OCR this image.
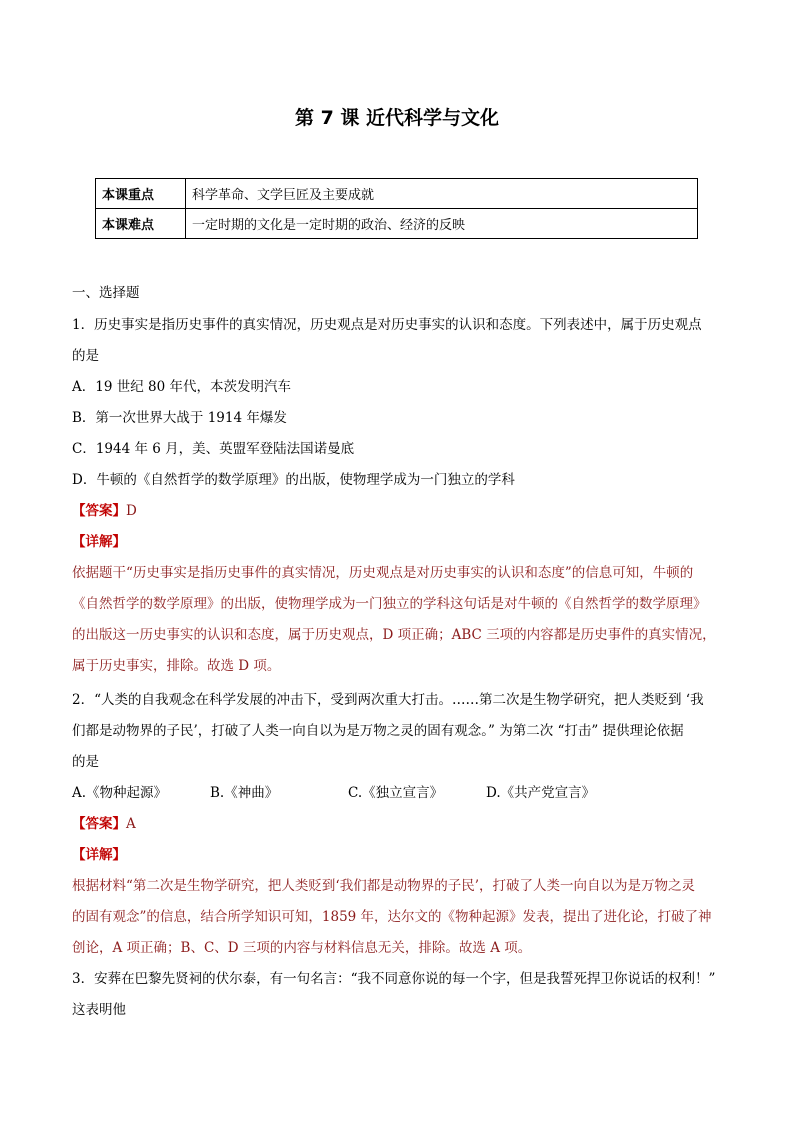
第 7 课 近代科学与文化
本课重点	科学革命、文学巨匠及主要成就
本课难点	一定时期的文化是一定时期的政治、经济的反映
一、选择题
1．历史事实是指历史事件的真实情况，历史观点是对历史事实的认识和态度。下列表述中，属于历史观点
的是
A．19 世纪 80 年代，本茨发明汽车
B．第一次世界大战于 1914 年爆发
C．1944 年 6 月，美、英盟军登陆法国诺曼底
D．牛顿的《自然哲学的数学原理》的出版，使物理学成为一门独立的学科
【答案】D
【详解】
依据题干“历史事实是指历史事件的真实情况，历史观点是对历史事实的认识和态度”的信息可知，牛顿的
《自然哲学的数学原理》的出版，使物理学成为一门独立的学科这句话是对牛顿的《自然哲学的数学原理》
的出版这一历史事实的认识和态度，属于历史观点，D 项正确；ABC 三项的内容都是历史事件的真实情况，
属于历史事实，排除。故选 D 项。
2．“人类的自我观念在科学发展的冲击下，受到两次重大打击。……第二次是生物学研究，把人类贬到 ‘我
们都是动物界的子民’，打破了人类一向自以为是万物之灵的固有观念。” 为第二次 “打击” 提供理论依据
的是
A.《物种起源》	B.《神曲》	C.《独立宣言》	D.《共产党宣言》
【答案】A
【详解】
根据材料“第二次是生物学研究，把人类贬到‘我们都是动物界的子民’，打破了人类一向自以为是万物之灵
的固有观念”的信息，结合所学知识可知，1859 年，达尔文的《物种起源》发表，提出了进化论，打破了神
创论，A 项正确；B、C、D 三项的内容与材料信息无关，排除。故选 A 项。
3．安葬在巴黎先贤祠的伏尔泰，有一句名言：“我不同意你说的每一个字，但是我誓死捍卫你说话的权利！”
这表明他
